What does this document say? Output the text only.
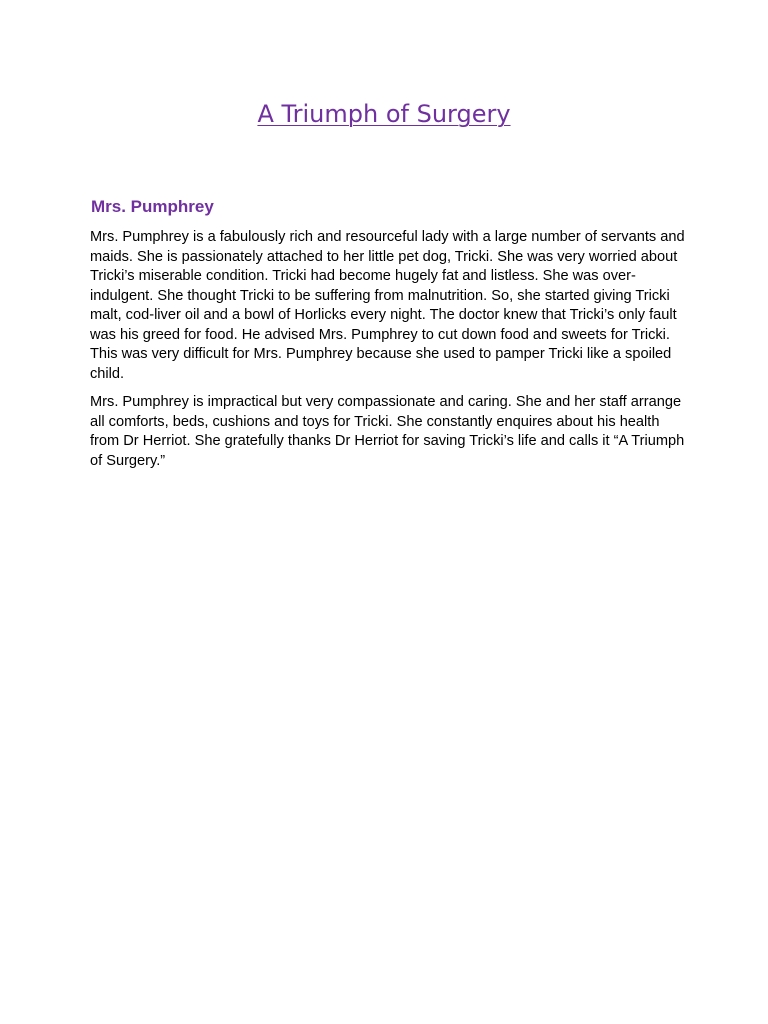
A Triumph of Surgery
Mrs. Pumphrey

Mrs. Pumphrey is a fabulously rich and resourceful lady with a large number of servants and maids. She is passionately attached to her little pet dog, Tricki. She was very worried about Tricki’s miserable condition. Tricki had become hugely fat and listless. She was over- indulgent. She thought Tricki to be suffering from malnutrition. So, she started giving Tricki malt, cod-liver oil and a bowl of Horlicks every night. The doctor knew that Tricki’s only fault was his greed for food. He advised Mrs. Pumphrey to cut down food and sweets for Tricki. This was very difficult for Mrs. Pumphrey because she used to pamper Tricki like a spoiled child.

Mrs. Pumphrey is impractical but very compassionate and caring. She and her staff arrange all comforts, beds, cushions and toys for Tricki. She constantly enquires about his health from Dr Herriot. She gratefully thanks Dr Herriot for saving Tricki’s life and calls it “A Triumph of Surgery.”
